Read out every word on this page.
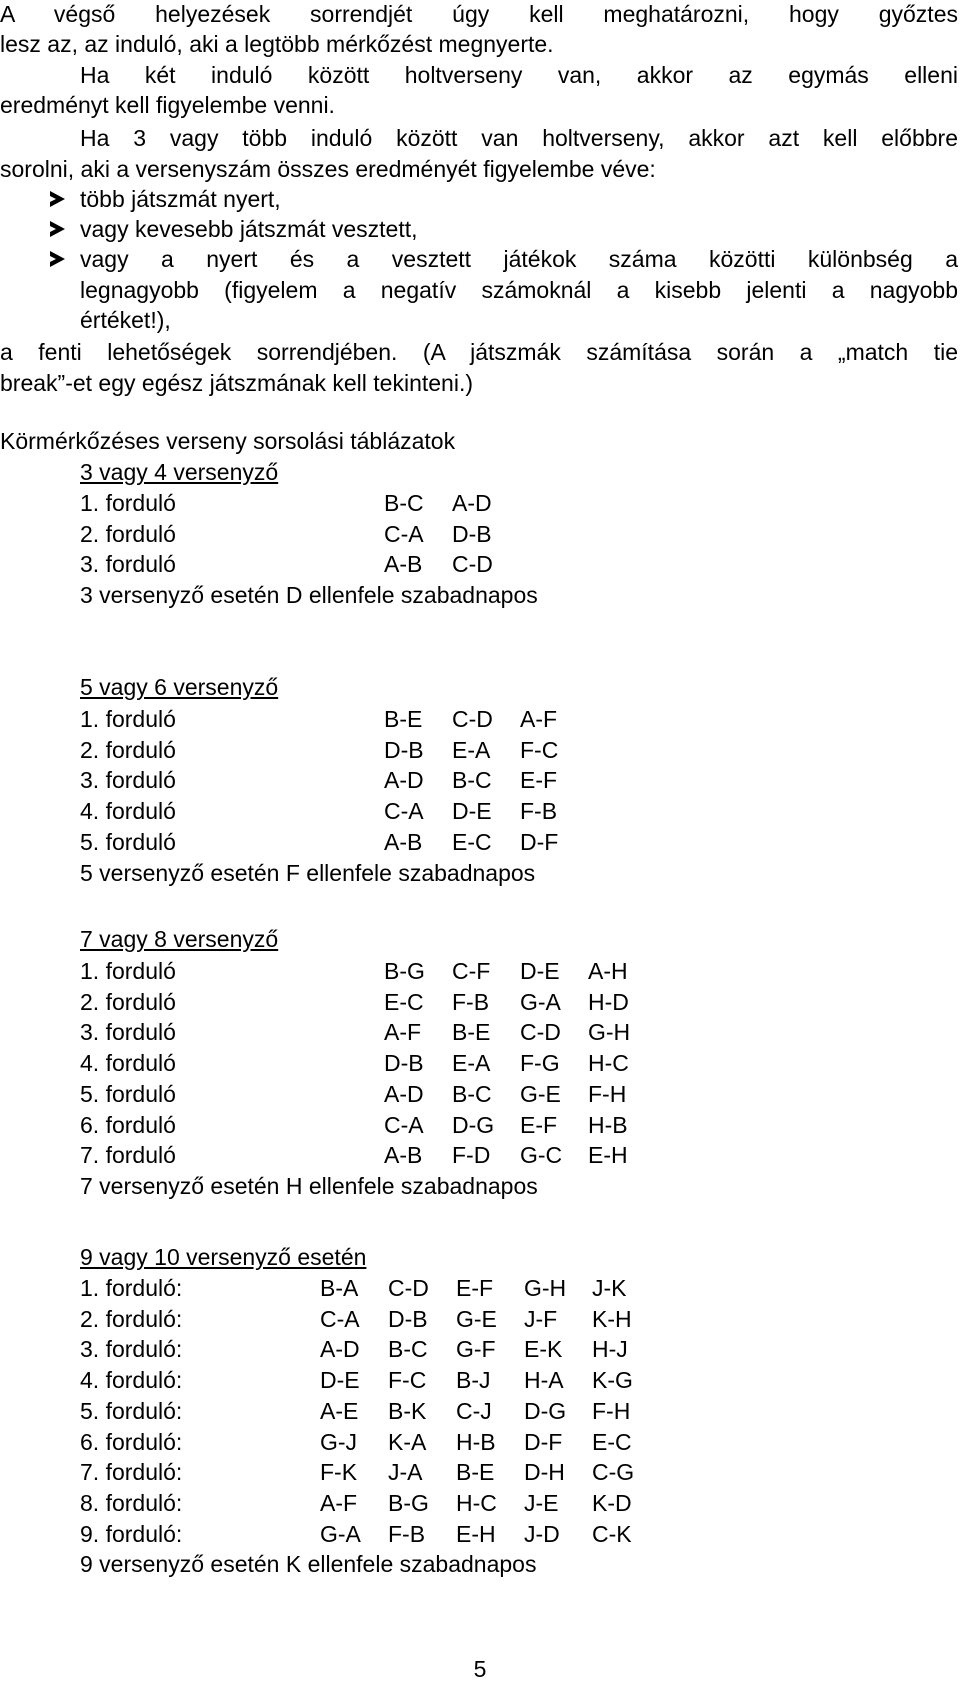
A végső helyezések sorrendjét úgy kell meghatározni, hogy győztes
lesz az, az induló, aki a legtöbb mérkőzést megnyerte.
Ha két induló között holtverseny van, akkor az egymás elleni
eredményt kell figyelembe venni.
Ha 3 vagy több induló között van holtverseny, akkor azt kell előbbre
sorolni, aki a versenyszám összes eredményét figyelembe véve:
több játszmát nyert,
vagy kevesebb játszmát vesztett,
vagy a nyert és a vesztett játékok száma közötti különbség a
legnagyobb (figyelem a negatív számoknál a kisebb jelenti a nagyobb
értéket!),
a fenti lehetőségek sorrendjében. (A játszmák számítása során a „match tie
break”-et egy egész játszmának kell tekinteni.)
Körmérkőzéses verseny sorsolási táblázatok
3 vagy 4 versenyző
5 vagy 6 versenyző
7 vagy 8 versenyző
9 vagy 10 versenyző esetén
5
1. forduló	B-C A-D
2. forduló	C-A D-B
3. forduló	A-B C-D
3 versenyző esetén D ellenfele szabadnapos
1. forduló	B-E C-D A-F
2. forduló	D-B E-A F-C
3. forduló	A-D B-C E-F
4. forduló	C-A D-E F-B
5. forduló	A-B E-C D-F
5 versenyző esetén F ellenfele szabadnapos
1. forduló	B-G C-F D-E A-H
2. forduló	E-C F-B G-A H-D
3. forduló	A-F B-E C-D G-H
4. forduló	D-B E-A F-G H-C
5. forduló	A-D B-C G-E F-H
6. forduló	C-A D-G E-F H-B
7. forduló	A-B F-D G-C E-H
7 versenyző esetén H ellenfele szabadnapos
1. forduló:	B-A C-D E-F G-H J-K
2. forduló:	C-A D-B G-E J-F K-H
3. forduló:	A-D B-C G-F E-K H-J
4. forduló:	D-E F-C B-J H-A K-G
5. forduló:	A-E B-K C-J D-G F-H
6. forduló:	G-J K-A H-B D-F E-C
7. forduló:	F-K J-A B-E D-H C-G
8. forduló:	A-F B-G H-C J-E K-D
9. forduló:	G-A F-B E-H J-D C-K
9 versenyző esetén K ellenfele szabadnapos
